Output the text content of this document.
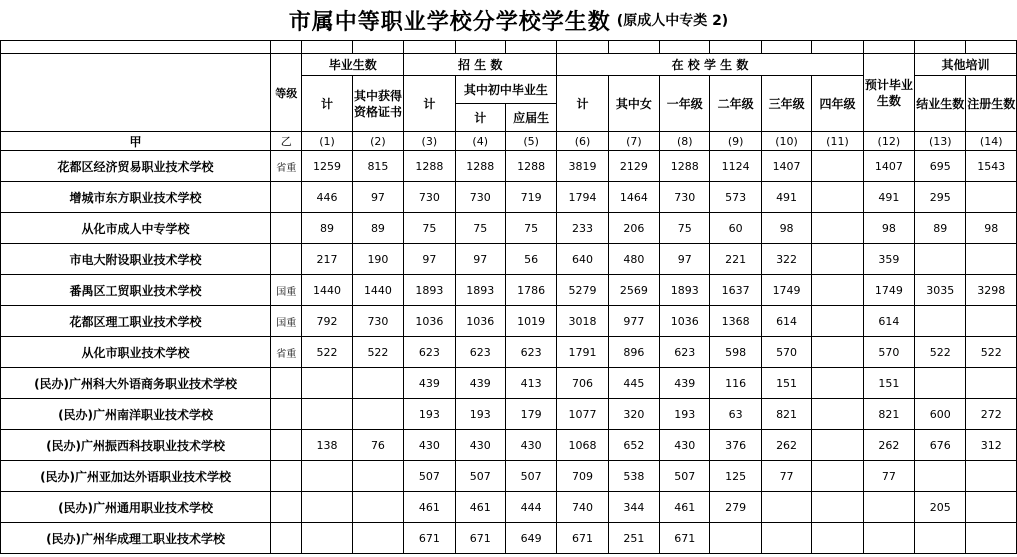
市属中等职业学校分学校学生数 (原成人中专类 2)

	等级	毕业生数		招 生 数			在 校 学 生 数						预计毕业生数	其他培训	
		计	其中获得资格证书	计	其中初中毕业生		计	其中女	一年级	二年级	三年级	四年级		结业生数	注册生数
					计	应届生									
甲	乙	(1)	(2)	(3)	(4)	(5)	(6)	(7)	(8)	(9)	(10)	(11)	(12)	(13)	(14)
花都区经济贸易职业技术学校	省重	1259	815	1288	1288	1288	3819	2129	1288	1124	1407		1407	695	1543
增城市东方职业技术学校		446	97	730	730	719	1794	1464	730	573	491		491	295	
从化市成人中专学校		89	89	75	75	75	233	206	75	60	98		98	89	98
市电大附设职业技术学校		217	190	97	97	56	640	480	97	221	322		359		
番禺区工贸职业技术学校	国重	1440	1440	1893	1893	1786	5279	2569	1893	1637	1749		1749	3035	3298
花都区理工职业技术学校	国重	792	730	1036	1036	1019	3018	977	1036	1368	614		614		
从化市职业技术学校	省重	522	522	623	623	623	1791	896	623	598	570		570	522	522
(民办)广州科大外语商务职业技术学校				439	439	413	706	445	439	116	151		151		
(民办)广州南洋职业技术学校				193	193	179	1077	320	193	63	821		821	600	272
(民办)广州振西科技职业技术学校		138	76	430	430	430	1068	652	430	376	262		262	676	312
(民办)广州亚加达外语职业技术学校				507	507	507	709	538	507	125	77		77		
(民办)广州通用职业技术学校				461	461	444	740	344	461	279				205	
(民办)广州华成理工职业技术学校				671	671	649	671	251	671						
